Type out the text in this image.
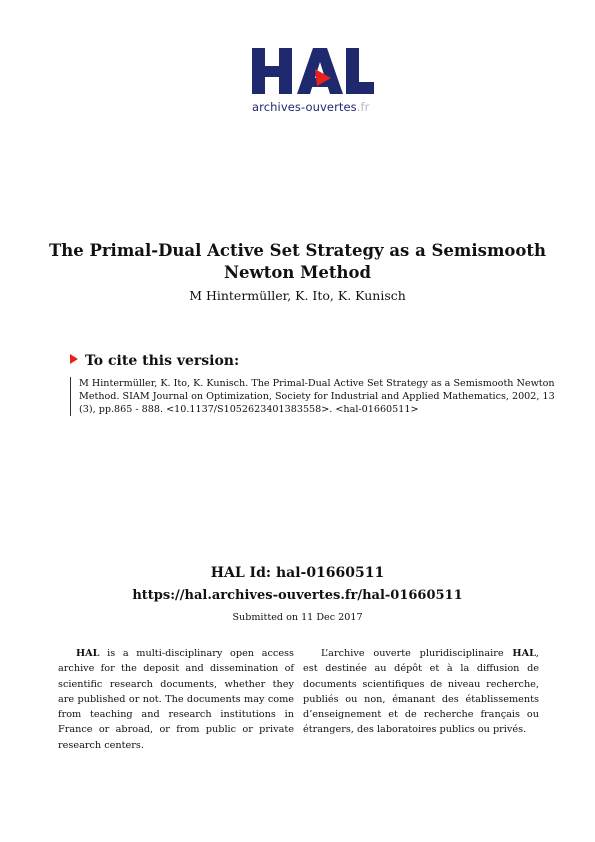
archives-ouvertes.fr
The Primal-Dual Active Set Strategy as a Semismooth Newton Method
M Hintermüller, K. Ito, K. Kunisch
To cite this version:
M Hintermüller, K. Ito, K. Kunisch. The Primal-Dual Active Set Strategy as a Semismooth Newton Method. SIAM Journal on Optimization, Society for Industrial and Applied Mathematics, 2002, 13 (3), pp.865 - 888. <10.1137/S1052623401383558>. <hal-01660511>
HAL Id: hal-01660511
https://hal.archives-ouvertes.fr/hal-01660511
Submitted on 11 Dec 2017
HAL is a multi-disciplinary open access archive for the deposit and dissemination of scientific research documents, whether they are published or not. The documents may come from teaching and research institutions in France or abroad, or from public or private research centers.
L’archive ouverte pluridisciplinaire HAL, est destinée au dépôt et à la diffusion de documents scientifiques de niveau recherche, publiés ou non, émanant des établissements d’enseignement et de recherche français ou étrangers, des laboratoires publics ou privés.
